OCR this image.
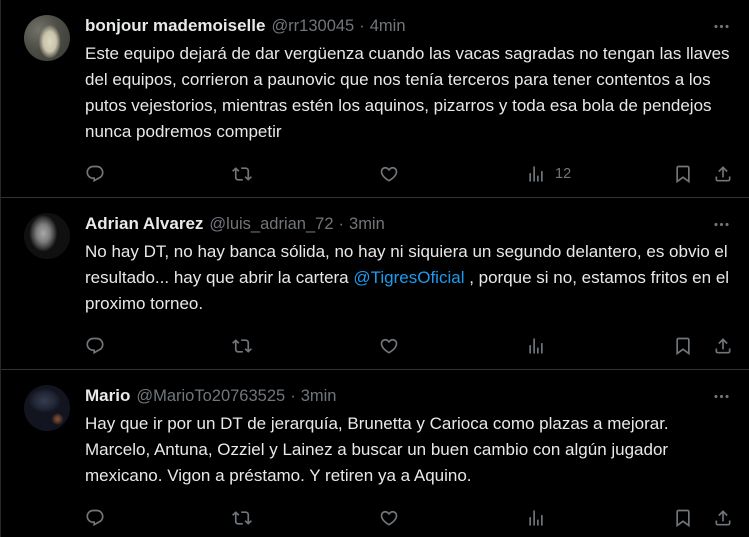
bonjour mademoiselle @rr130045 · 4min
Este equipo dejará de dar vergüenza cuando las vacas sagradas no tengan las llaves del equipos, corrieron a paunovic que nos tenía terceros para tener contentos a los putos vejestorios, mientras estén los aquinos, pizarros y toda esa bola de pendejos nunca podremos competir
12
Adrian Alvarez @luis_adrian_72 · 3min
No hay DT, no hay banca sólida, no hay ni siquiera un segundo delantero, es obvio el resultado... hay que abrir la cartera @TigresOficial , porque si no, estamos fritos en el proximo torneo.
Mario @MarioTo20763525 · 3min
Hay que ir por un DT de jerarquía, Brunetta y Carioca como plazas a mejorar. Marcelo, Antuna, Ozziel y Lainez a buscar un buen cambio con algún jugador mexicano. Vigon a préstamo. Y retiren ya a Aquino.
